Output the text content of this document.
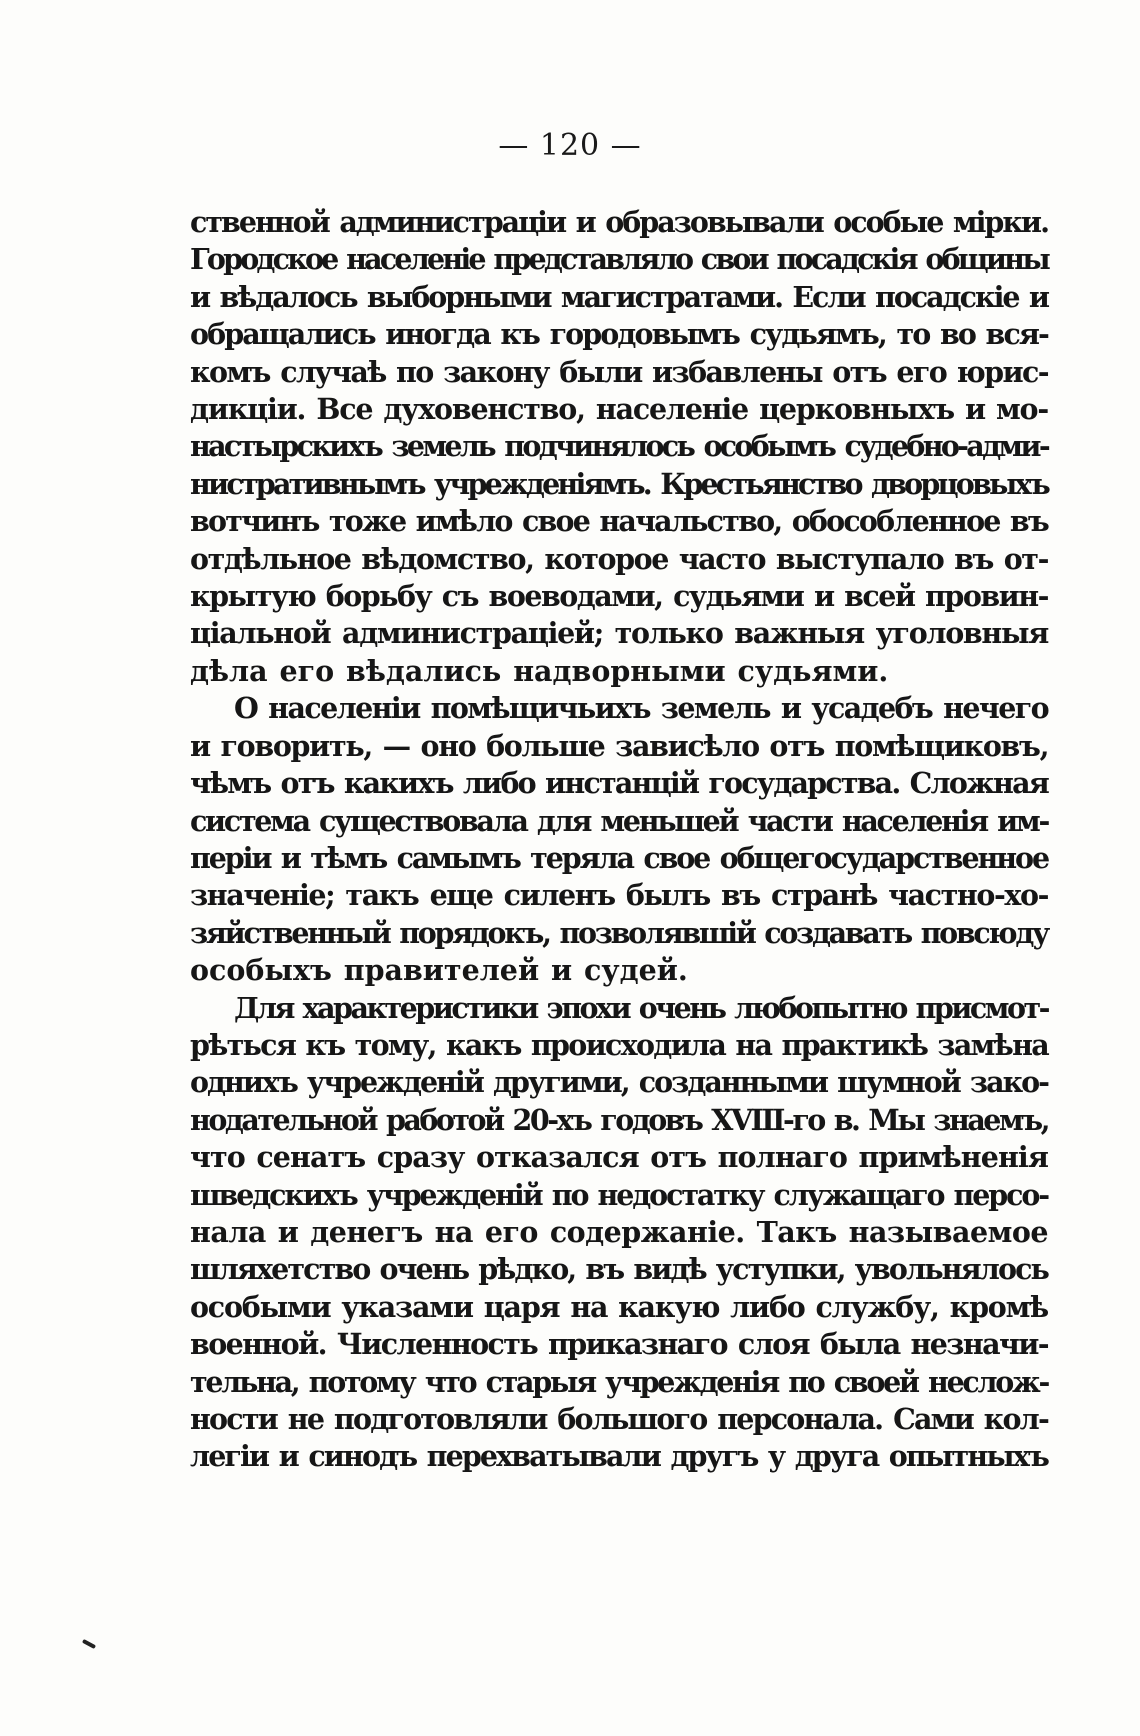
— 120 —

ственной администраціи и образовывали особые мірки.
Городское населеніе представляло свои посадскія общины
и вѣдалось выборными магистратами. Если посадскіе и
обращались иногда къ городовымъ судьямъ, то во вся-
комъ случаѣ по закону были избавлены отъ его юрис-
дикціи. Все духовенство, населеніе церковныхъ и мо-
настырскихъ земель подчинялось особымъ судебно-адми-
нистративнымъ учрежденіямъ. Крестьянство дворцовыхъ
вотчинъ тоже имѣло свое начальство, обособленное въ
отдѣльное вѣдомство, которое часто выступало въ от-
крытую борьбу съ воеводами, судьями и всей провин-
ціальной администраціей; только важныя уголовныя
дѣла его вѣдались надворными судьями.

О населеніи помѣщичьихъ земель и усадебъ нечего
и говорить, — оно больше зависѣло отъ помѣщиковъ,
чѣмъ отъ какихъ либо инстанцій государства. Сложная
система существовала для меньшей части населенія им-
періи и тѣмъ самымъ теряла свое общегосударственное
значеніе; такъ еще силенъ былъ въ странѣ частно-хо-
зяйственный порядокъ, позволявшій создавать повсюду
особыхъ правителей и судей.

Для характеристики эпохи очень любопытно присмот-
рѣться къ тому, какъ происходила на практикѣ замѣна
однихъ учрежденій другими, созданными шумной зако-
нодательной работой 20-хъ годовъ XVIII-го в. Мы знаемъ,
что сенатъ сразу отказался отъ полнаго примѣненія
шведскихъ учрежденій по недостатку служащаго персо-
нала и денегъ на его содержаніе. Такъ называемое
шляхетство очень рѣдко, въ видѣ уступки, увольнялось
особыми указами царя на какую либо службу, кромѣ
военной. Численность приказнаго слоя была незначи-
тельна, потому что старыя учрежденія по своей неслож-
ности не подготовляли большого персонала. Сами кол-
легіи и синодъ перехватывали другъ у друга опытныхъ
